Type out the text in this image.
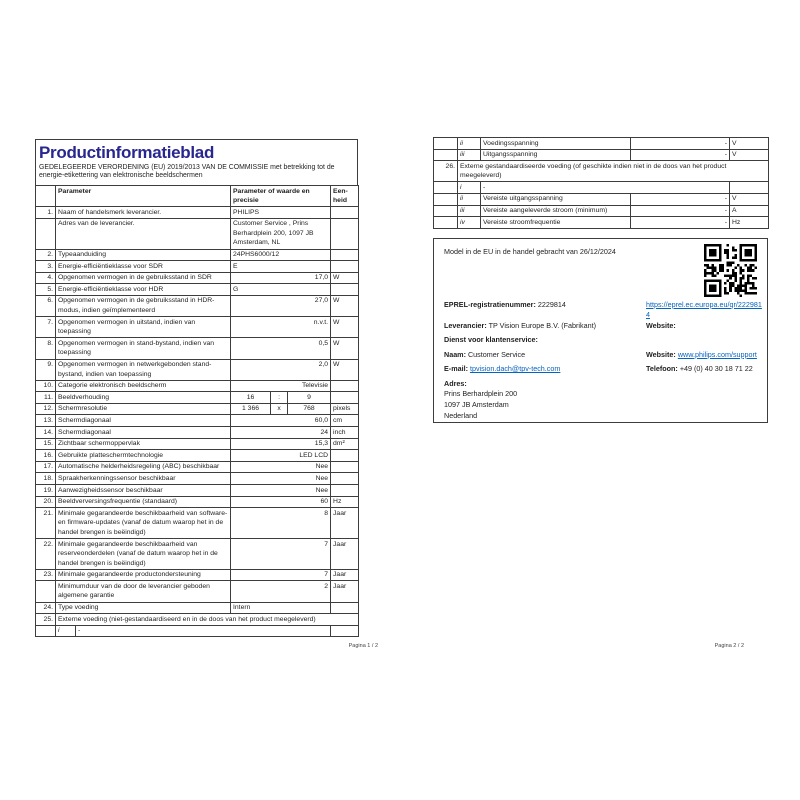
Productinformatieblad
GEDELEGEERDE VERORDENING (EU) 2019/2013 VAN DE COMMISSIE met betrekking tot de energie-etikettering van elektronische beeldschermen
	Parameter		Parameter of waarde en precisie			Een-heid
1.	Naam of handelsmerk leverancier.		PHILIPS			
	Adres van de leverancier.		Customer Service , Prins Berhardplein 200, 1097 JB Amsterdam, NL			
2.	Typeaanduiding		24PHS6000/12			
3.	Energie-efficiëntieklasse voor SDR		E			
4.	Opgenomen vermogen in de gebruiksstand in SDR		17,0			W
5.	Energie-efficiëntieklasse voor HDR		G			
6.	Opgenomen vermogen in de gebruiksstand in HDR-modus, indien geïmplementeerd		27,0			W
7.	Opgenomen vermogen in uitstand, indien van toepassing		n.v.t.			W
8.	Opgenomen vermogen in stand-bystand, indien van toepassing		0,5			W
9.	Opgenomen vermogen in netwerkgebonden stand-bystand, indien van toepassing		2,0			W
10.	Categorie elektronisch beeldscherm		Televisie			
11.	Beeldverhouding		16	:	9	
12.	Schermresolutie		1 366	x	768	pixels
13.	Schermdiagonaal		60,0			cm
14.	Schermdiagonaal		24			inch
15.	Zichtbaar schermoppervlak		15,3			dm²
16.	Gebruikte platteschermtechnologie		LED LCD			
17.	Automatische helderheidsregeling (ABC) beschikbaar		Nee			
18.	Spraakherkenningssensor beschikbaar		Nee			
19.	Aanwezigheidssensor beschikbaar		Nee			
20.	Beeldverversingsfrequentie (standaard)		60			Hz
21.	Minimale gegarandeerde beschikbaarheid van software- en firmware-updates (vanaf de datum waarop het in de handel brengen is beëindigd)		8			Jaar
22.	Minimale gegarandeerde beschikbaarheid van reserveonderdelen (vanaf de datum waarop het in de handel brengen is beëindigd)		7			Jaar
23.	Minimale gegarandeerde productondersteuning		7			Jaar
	Minimumduur van de door de leverancier geboden algemene garantie		2			Jaar
24.	Type voeding		Intern			
25.	Externe voeding (niet-gestandaardiseerd en in de doos van het product meegeleverd)					
	i	-				
Pagina 1 / 2
	ii	Voedingsspanning	-	V
	iii	Uitgangsspanning	-	V
26.	Externe gestandaardiseerde voeding (of geschikte indien niet in de doos van het product meegeleverd)			
	i	-		
	ii	Vereiste uitgangsspanning	-	V
	iii	Vereiste aangeleverde stroom (minimum)	-	A
	iv	Vereiste stroomfrequentie	-	Hz
Model in de EU in de handel gebracht van 26/12/2024
EPREL-registratienummer: 2229814	https://eprel.ec.europa.eu/qr/2229814
Leverancier: TP Vision Europe B.V. (Fabrikant)	Website:
Dienst voor klantenservice:
Naam: Customer Service	Website: www.philips.com/support
E-mail: tpvision.dach@tpv-tech.com	Telefoon: +49 (0) 40 30 18 71 22
Adres:
Prins Berhardplein 200
1097 JB Amsterdam
Nederland
Pagina 2 / 2
